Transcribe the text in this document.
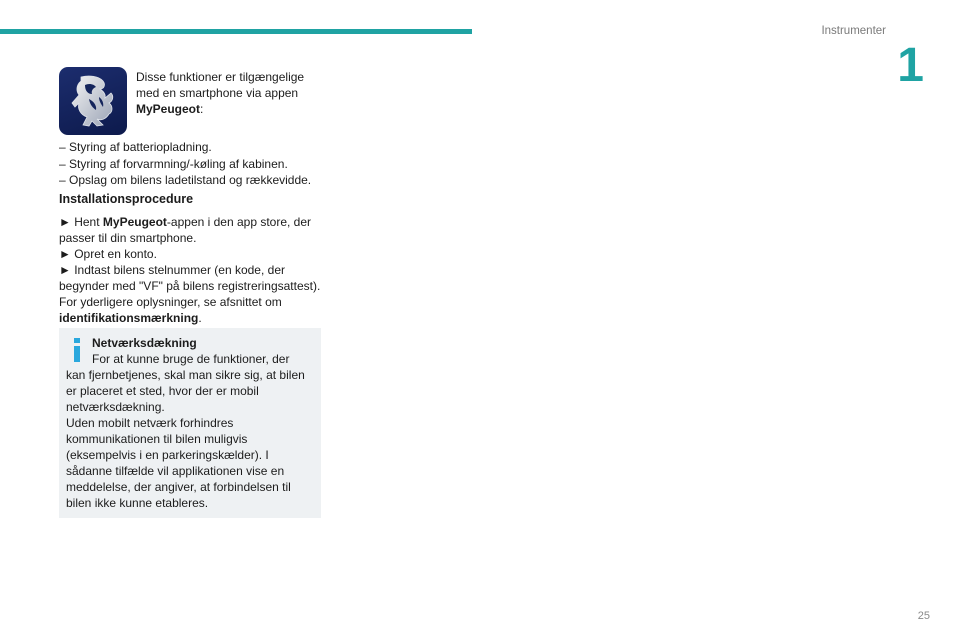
Instrumenter
1
Disse funktioner er tilgængelige med en smartphone via appen MyPeugeot:
– Styring af batteriopladning.
– Styring af forvarmning/-køling af kabinen.
– Opslag om bilens ladetilstand og rækkevidde.
Installationsprocedure

► Hent MyPeugeot-appen i den app store, der passer til din smartphone.

► Opret en konto.

► Indtast bilens stelnummer (en kode, der begynder med "VF" på bilens registreringsattest).

For yderligere oplysninger, se afsnittet om
identifikationsmærkning.

Netværksdækning
For at kunne bruge de funktioner, der
kan fjernbetjenes, skal man sikre sig, at bilen er placeret et sted, hvor der er mobil netværksdækning.
Uden mobilt netværk forhindres kommunikationen til bilen muligvis (eksempelvis i en parkeringskælder). I sådanne tilfælde vil applikationen vise en meddelelse, der angiver, at forbindelsen til bilen ikke kunne etableres.
25
